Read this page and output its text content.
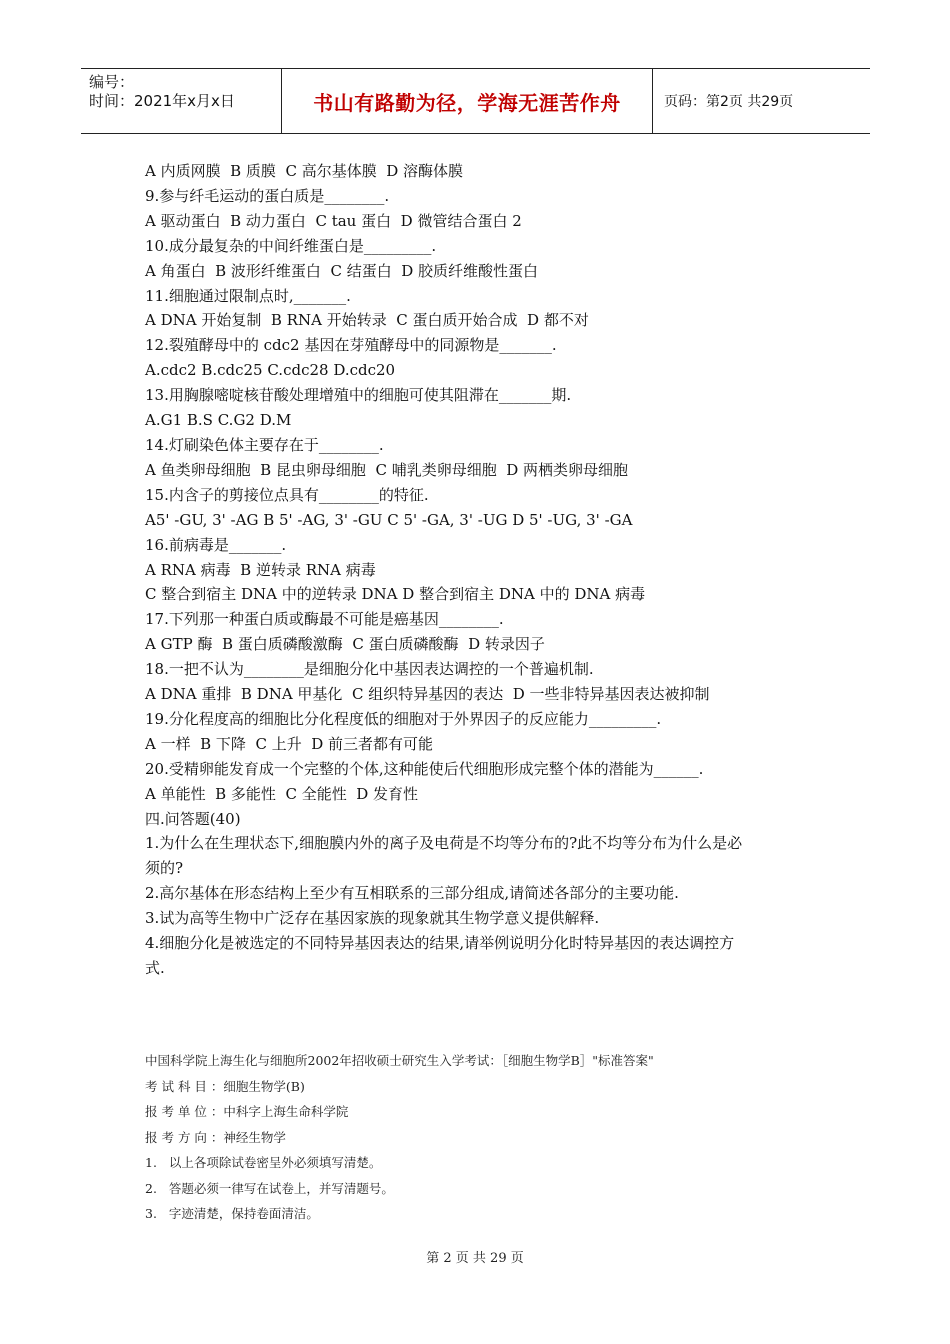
编号：
时间：2021年x月x日	书山有路勤为径，学海无涯苦作舟	页码：第2页 共29页
A 内质网膜  B 质膜  C 高尔基体膜  D 溶酶体膜
9.参与纤毛运动的蛋白质是________.
A 驱动蛋白  B 动力蛋白  C tau 蛋白  D 微管结合蛋白 2
10.成分最复杂的中间纤维蛋白是_________.
A 角蛋白  B 波形纤维蛋白  C 结蛋白  D 胶质纤维酸性蛋白
11.细胞通过限制点时,_______.
A DNA 开始复制  B RNA 开始转录  C 蛋白质开始合成  D 都不对
12.裂殖酵母中的 cdc2 基因在芽殖酵母中的同源物是_______.
A.cdc2 B.cdc25 C.cdc28 D.cdc20
13.用胸腺嘧啶核苷酸处理增殖中的细胞可使其阻滞在_______期.
A.G1 B.S C.G2 D.M
14.灯刷染色体主要存在于________.
A 鱼类卵母细胞  B 昆虫卵母细胞  C 哺乳类卵母细胞  D 两栖类卵母细胞
15.内含子的剪接位点具有________的特征.
A5' -GU, 3' -AG B 5' -AG, 3' -GU C 5' -GA, 3' -UG D 5' -UG, 3' -GA
16.前病毒是_______.
A RNA 病毒  B 逆转录 RNA 病毒
C 整合到宿主 DNA 中的逆转录 DNA D 整合到宿主 DNA 中的 DNA 病毒
17.下列那一种蛋白质或酶最不可能是癌基因________.
A GTP 酶  B 蛋白质磷酸激酶  C 蛋白质磷酸酶  D 转录因子
18.一把不认为________是细胞分化中基因表达调控的一个普遍机制.
A DNA 重排  B DNA 甲基化  C 组织特异基因的表达  D 一些非特异基因表达被抑制
19.分化程度高的细胞比分化程度低的细胞对于外界因子的反应能力_________.
A 一样  B 下降  C 上升  D 前三者都有可能
20.受精卵能发育成一个完整的个体,这种能使后代细胞形成完整个体的潜能为______.
A 单能性  B 多能性  C 全能性  D 发育性
四.问答题(40)
1.为什么在生理状态下,细胞膜内外的离子及电荷是不均等分布的?此不均等分布为什么是必
须的?
2.高尔基体在形态结构上至少有互相联系的三部分组成,请简述各部分的主要功能.
3.试为高等生物中广泛存在基因家族的现象就其生物学意义提供解释.
4.细胞分化是被选定的不同特异基因表达的结果,请举例说明分化时特异基因的表达调控方
式.
中国科学院上海生化与细胞所2002年招收硕士研究生入学考试：［细胞生物学B］"标准答案"
考 试 科 目 ：细胞生物学(B)
报 考 单 位 ：中科字上海生命科学院
报 考 方 向 ：神经生物学
1.   以上各项除试卷密呈外必须填写清楚。
2.   答题必须一律写在试卷上，并写清题号。
3.   字迹清楚，保持卷面清洁。
第 2 页 共 29 页
